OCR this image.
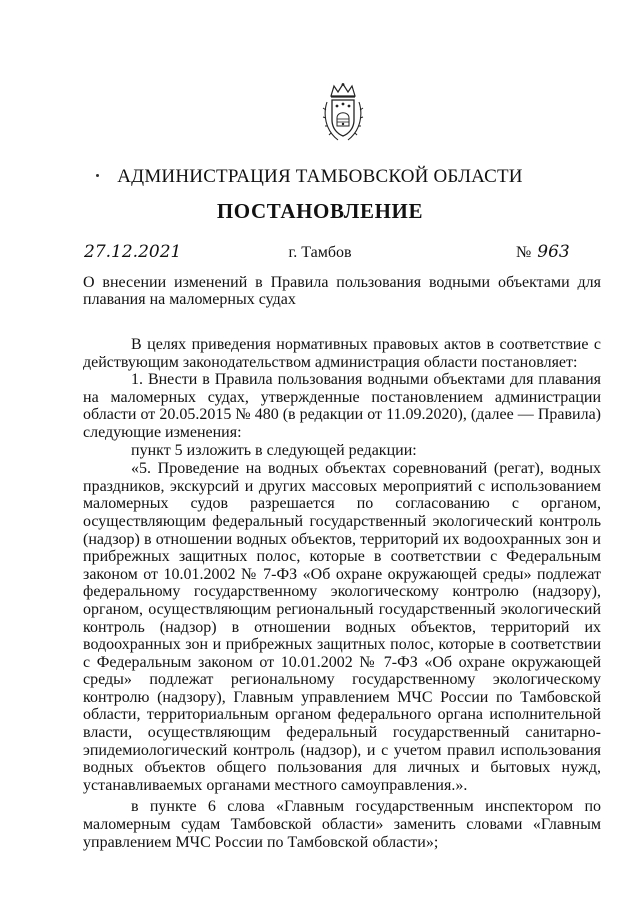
АДМИНИСТРАЦИЯ ТАМБОВСКОЙ ОБЛАСТИ
ПОСТАНОВЛЕНИЕ
27.12.2021	г. Тамбов	№ 963
О внесении изменений в Правила пользования водными объектами для плавания на маломерных судах

В целях приведения нормативных правовых актов в соответствие с действующим законодательством администрация области постановляет:

1. Внести в Правила пользования водными объектами для плавания на маломерных судах, утвержденные постановлением администрации области от 20.05.2015 № 480 (в редакции от 11.09.2020), (далее — Правила) следующие изменения:

пункт 5 изложить в следующей редакции:

«5. Проведение на водных объектах соревнований (регат), водных праздников, экскурсий и других массовых мероприятий с использованием маломерных судов разрешается по согласованию с органом, осуществляющим федеральный государственный экологический контроль (надзор) в отношении водных объектов, территорий их водоохранных зон и прибрежных защитных полос, которые в соответствии с Федеральным законом от 10.01.2002 № 7-ФЗ «Об охране окружающей среды» подлежат федеральному государственному экологическому контролю (надзору), органом, осуществляющим региональный государственный экологический контроль (надзор) в отношении водных объектов, территорий их водоохранных зон и прибрежных защитных полос, которые в соответствии с Федеральным законом от 10.01.2002 № 7-ФЗ «Об охране окружающей среды» подлежат региональному государственному экологическому контролю (надзору), Главным управлением МЧС России по Тамбовской области, территориальным органом федерального органа исполнительной власти, осуществляющим федеральный государственный санитарно-эпидемиологический контроль (надзор), и с учетом правил использования водных объектов общего пользования для личных и бытовых нужд, устанавливаемых органами местного самоуправления.».

в пункте 6 слова «Главным государственным инспектором по маломерным судам Тамбовской области» заменить словами «Главным управлением МЧС России по Тамбовской области»;
